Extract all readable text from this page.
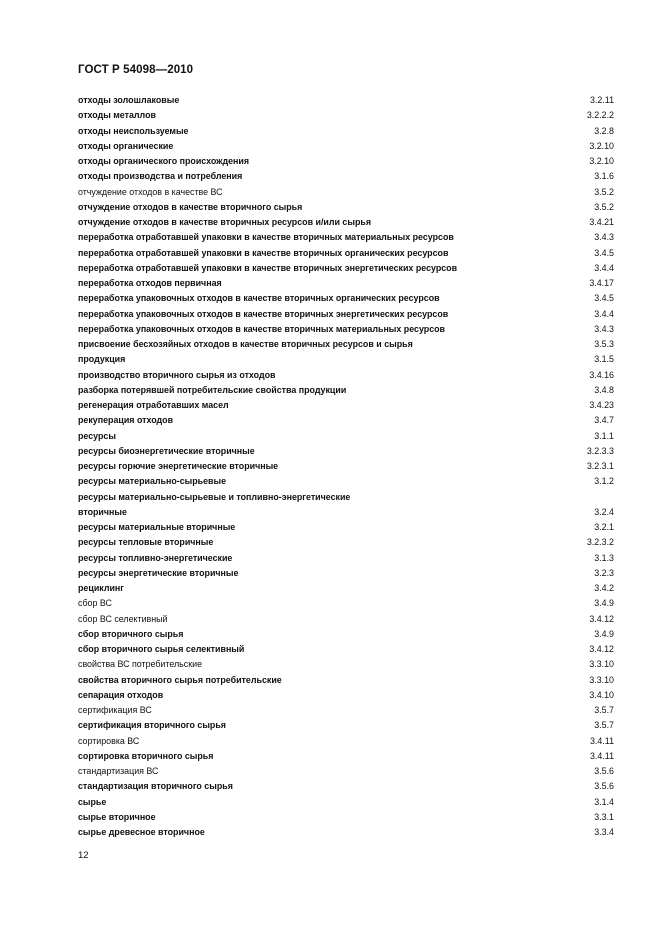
ГОСТ Р 54098—2010
отходы золошлаковые	3.2.11
отходы металлов	3.2.2.2
отходы неиспользуемые	3.2.8
отходы органические	3.2.10
отходы органического происхождения	3.2.10
отходы производства и потребления	3.1.6
отчуждение отходов в качестве ВС	3.5.2
отчуждение отходов в качестве вторичного сырья	3.5.2
отчуждение отходов в качестве вторичных ресурсов и/или сырья	3.4.21
переработка отработавшей упаковки в качестве вторичных материальных ресурсов	3.4.3
переработка отработавшей упаковки в качестве вторичных органических ресурсов	3.4.5
переработка отработавшей упаковки в качестве вторичных энергетических ресурсов	3.4.4
переработка отходов первичная	3.4.17
переработка упаковочных отходов в качестве вторичных органических ресурсов	3.4.5
переработка упаковочных отходов в качестве вторичных энергетических ресурсов	3.4.4
переработка упаковочных отходов в качестве вторичных материальных ресурсов	3.4.3
присвоение бесхозяйных отходов в качестве вторичных ресурсов и сырья	3.5.3
продукция	3.1.5
производство вторичного сырья из отходов	3.4.16
разборка потерявшей потребительские свойства продукции	3.4.8
регенерация отработавших масел	3.4.23
рекуперация отходов	3.4.7
ресурсы	3.1.1
ресурсы биоэнергетические вторичные	3.2.3.3
ресурсы горючие энергетические вторичные	3.2.3.1
ресурсы материально-сырьевые	3.1.2
ресурсы материально-сырьевые и топливно-энергетические
вторичные	3.2.4
ресурсы материальные вторичные	3.2.1
ресурсы тепловые вторичные	3.2.3.2
ресурсы топливно-энергетические	3.1.3
ресурсы энергетические вторичные	3.2.3
рециклинг	3.4.2
сбор ВС	3.4.9
сбор ВС селективный	3.4.12
сбор вторичного сырья	3.4.9
сбор вторичного сырья селективный	3.4.12
свойства ВС потребительские	3.3.10
свойства вторичного сырья потребительские	3.3.10
сепарация отходов	3.4.10
сертификация ВС	3.5.7
сертификация вторичного сырья	3.5.7
сортировка ВС	3.4.11
сортировка вторичного сырья	3.4.11
стандартизация ВС	3.5.6
стандартизация вторичного сырья	3.5.6
сырье	3.1.4
сырье вторичное	3.3.1
сырье древесное вторичное	3.3.4
12
